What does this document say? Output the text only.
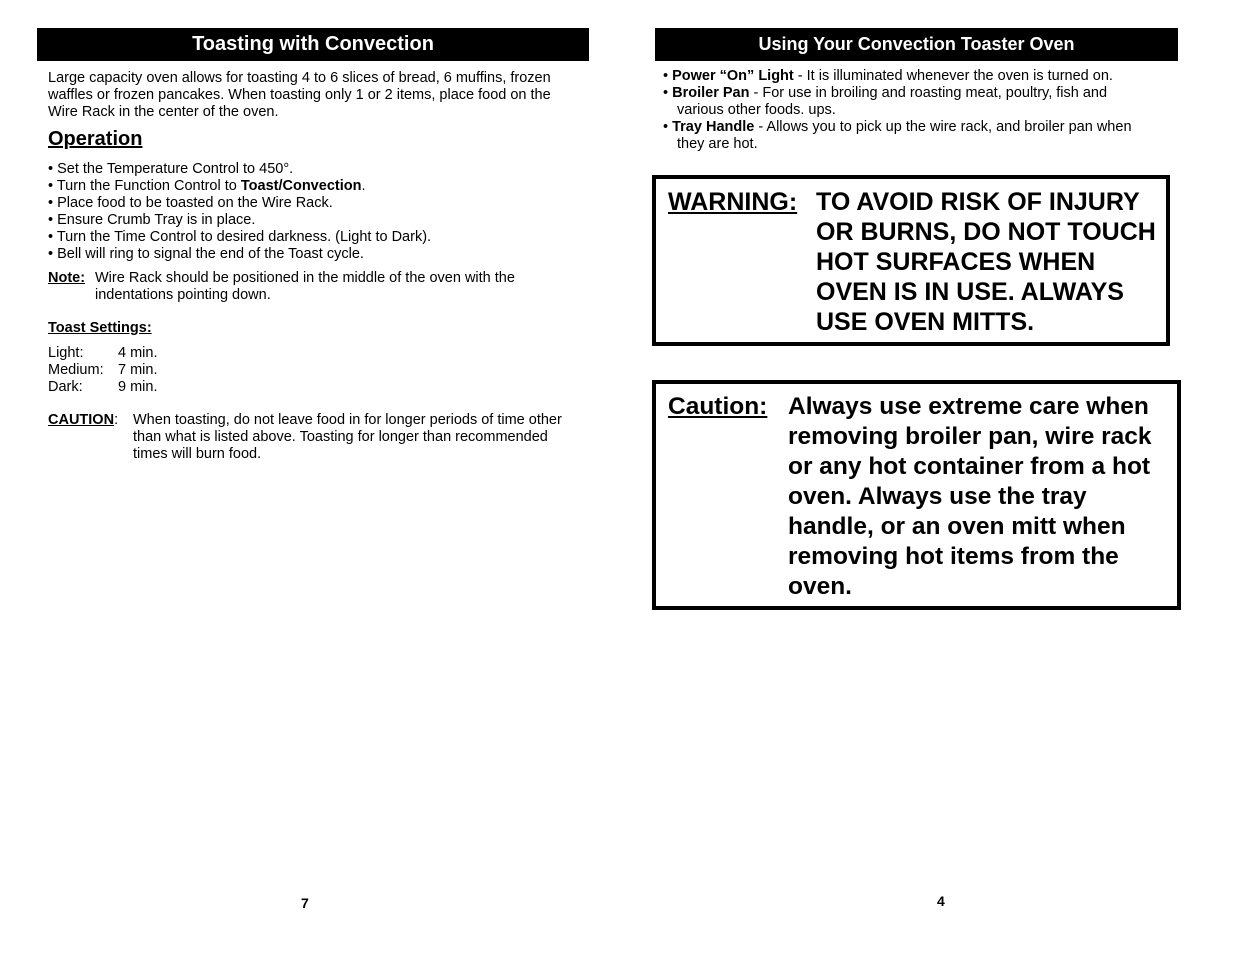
Toasting with Convection
Large capacity oven allows for toasting 4 to 6 slices of bread, 6 muffins, frozen waffles or frozen pancakes. When toasting only 1 or 2 items, place food on the Wire Rack in the center of the oven.
Operation
• Set the Temperature Control to 450°.
• Turn the Function Control to Toast/Convection.
• Place food to be toasted on the Wire Rack.
• Ensure Crumb Tray is in place.
• Turn the Time Control to desired darkness. (Light to Dark).
• Bell will ring to signal the end of the Toast cycle.
Note: Wire Rack should be positioned in the middle of the oven with the
indentations pointing down.
Toast Settings:
Light:	4 min.
Medium: 7 min.
Dark:	9 min.
CAUTION:	When toasting, do not leave food in for longer periods of time other than what is listed above. Toasting for longer than recommended times will burn food.
7
Using Your Convection Toaster Oven
• Power “On” Light - It is illuminated whenever the oven is turned on.
• Broiler Pan - For use in broiling and roasting meat, poultry, fish and
various other foods. ups.
• Tray Handle - Allows you to pick up the wire rack, and broiler pan when
they are hot.
WARNING: TO AVOID RISK OF INJURY OR BURNS, DO NOT TOUCH HOT SURFACES WHEN OVEN IS IN USE. ALWAYS USE OVEN MITTS.
Caution: Always use extreme care when removing broiler pan, wire rack or any hot container from a hot oven. Always use the tray handle, or an oven mitt when removing hot items from the oven.
4
